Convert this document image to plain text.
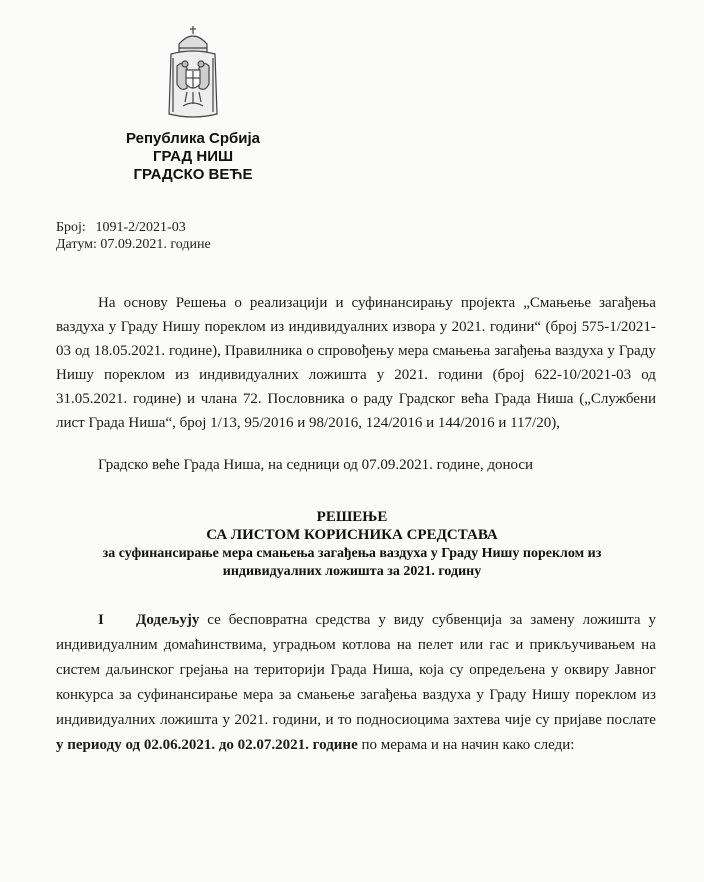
Република Србија
ГРАД НИШ
ГРАДСКО ВЕЋЕ
Број: 1091-2/2021-03
Датум: 07.09.2021. године
На основу Решења о реализацији и суфинансирању пројекта „Смањење загађења
ваздуха у Граду Нишу пореклом из индивидуалних извора у 2021. години“ (број 575-1/2021-
03 од 18.05.2021. године), Правилника о спровођењу мера смањења загађења ваздуха у Граду
Нишу пореклом из индивидуалних ложишта у 2021. години (број 622-10/2021-03 од
31.05.2021. године) и члана 72. Пословника о раду Градског већа Града Ниша („Службени
лист Града Ниша“, број 1/13, 95/2016 и 98/2016, 124/2016 и 144/2016 и 117/20),
Градско веће Града Ниша, на седници од 07.09.2021. године, доноси
РЕШЕЊЕ
СА ЛИСТОМ КОРИСНИКА СРЕДСТАВА
за суфинансирање мера смањења загађења ваздуха у Граду Нишу пореклом из
индивидуалних ложишта за 2021. годину
I Додељују се бесповратна средства у виду субвенција за замену ложишта у
индивидуалним домаћинствима, уградњом котлова на пелет или гас и прикључивањем на
систем даљинског грејања на територији Града Ниша, која су опредељена у оквиру Јавног
конкурса за суфинансирање мера за смањење загађења ваздуха у Граду Нишу пореклом из
индивидуалних ложишта у 2021. години, и то подносиоцима захтева чије су пријаве послате
у периоду од 02.06.2021. до 02.07.2021. године по мерама и на начин како следи:
